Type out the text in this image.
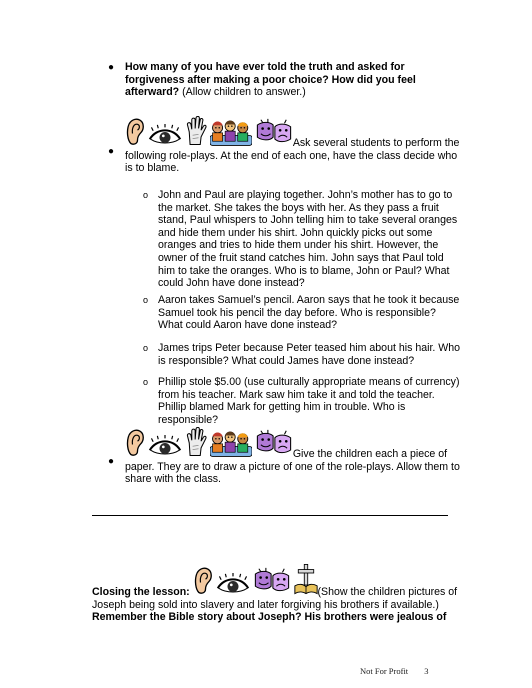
● How many of you have ever told the truth and asked for forgiveness after making a poor choice? How did you feel afterward? (Allow children to answer.)
●
Ask several students to perform the following role-plays. At the end of each one, have the class decide who is to blame.
o John and Paul are playing together. John’s mother has to go to the market. She takes the boys with her. As they pass a fruit stand, Paul whispers to John telling him to take several oranges and hide them under his shirt. John quickly picks out some oranges and tries to hide them under his shirt. However, the owner of the fruit stand catches him. John says that Paul told him to take the oranges. Who is to blame, John or Paul? What could John have done instead?
o Aaron takes Samuel’s pencil. Aaron says that he took it because Samuel took his pencil the day before. Who is responsible? What could Aaron have done instead?
o James trips Peter because Peter teased him about his hair. Who is responsible? What could James have done instead?
o Phillip stole $5.00 (use culturally appropriate means of currency) from his teacher. Mark saw him take it and told the teacher. Phillip blamed Mark for getting him in trouble. Who is responsible?
●
Give the children each a piece of paper. They are to draw a picture of one of the role-plays. Allow them to share with the class.
Closing the lesson:	(Show the children pictures of Joseph being sold into slavery and later forgiving his brothers if available.) Remember the Bible story about Joseph? His brothers were jealous of
Not For Profit 3
